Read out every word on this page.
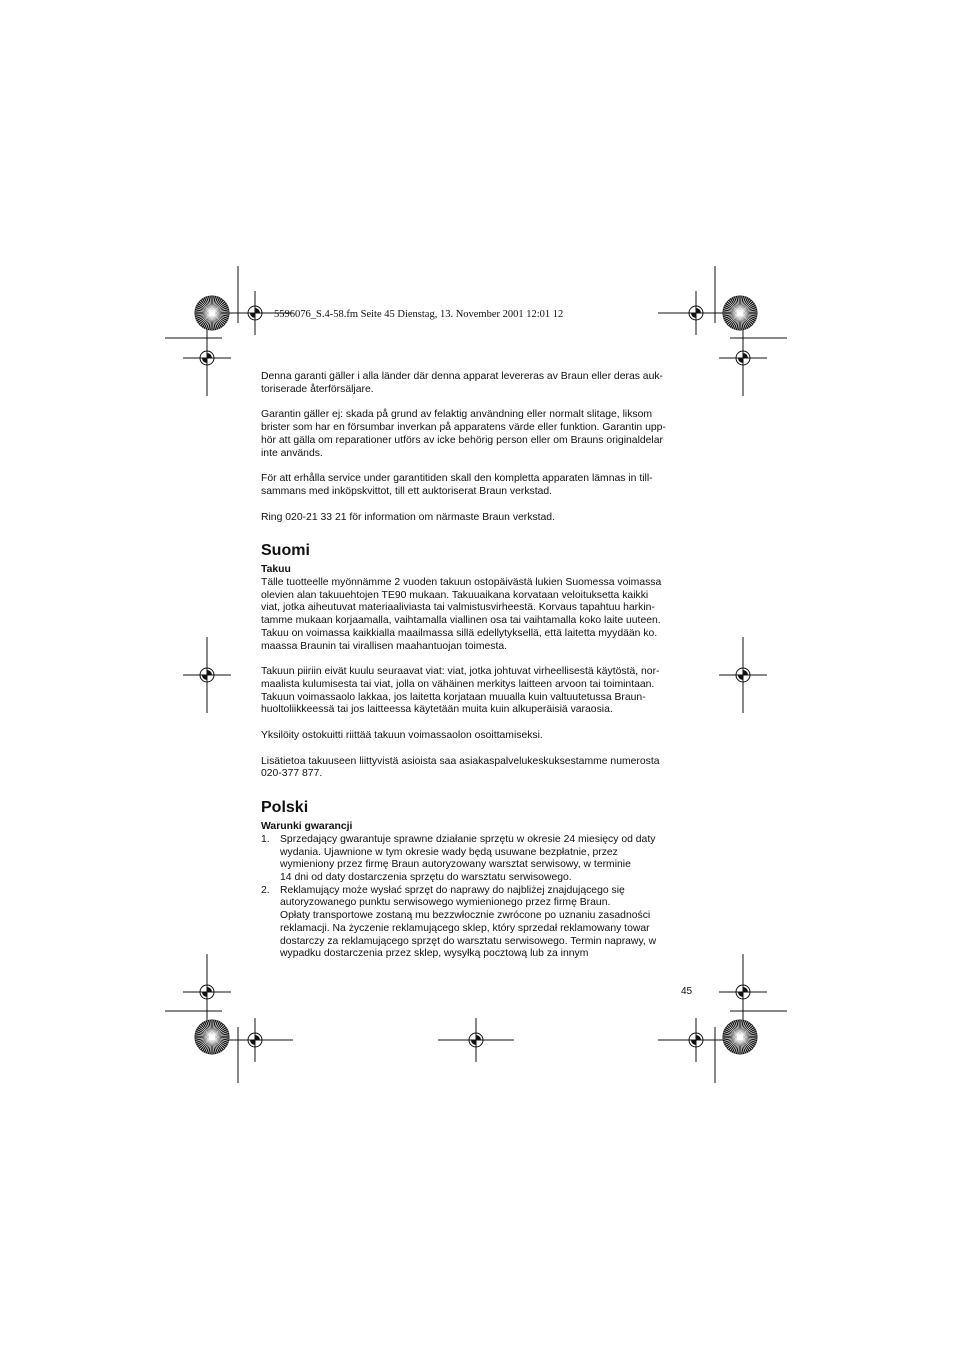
5596076_S.4-58.fm Seite 45 Dienstag, 13. November 2001 12:01 12

Denna garanti gäller i alla länder där denna apparat levereras av Braun eller deras auk-
toriserade återförsäljare.

Garantin gäller ej: skada på grund av felaktig användning eller normalt slitage, liksom
brister som har en försumbar inverkan på apparatens värde eller funktion. Garantin upp-
hör att gälla om reparationer utförs av icke behörig person eller om Brauns originaldelar
inte används.

För att erhålla service under garantitiden skall den kompletta apparaten lämnas in till-
sammans med inköpskvittot, till ett auktoriserat Braun verkstad.

Ring 020-21 33 21 för information om närmaste Braun verkstad.

Suomi

Takuu

Tälle tuotteelle myönnämme 2 vuoden takuun ostopäivästä lukien Suomessa voimassa
olevien alan takuuehtojen TE90 mukaan. Takuuaikana korvataan veloituksetta kaikki
viat, jotka aiheutuvat materiaaliviasta tai valmistusvirheestä. Korvaus tapahtuu harkin-
tamme mukaan korjaamalla, vaihtamalla viallinen osa tai vaihtamalla koko laite uuteen.
Takuu on voimassa kaikkialla maailmassa sillä edellytyksellä, että laitetta myydään ko.
maassa Braunin tai virallisen maahantuojan toimesta.

Takuun piiriin eivät kuulu seuraavat viat: viat, jotka johtuvat virheellisestä käytöstä, nor-
maalista kulumisesta tai viat, jolla on vähäinen merkitys laitteen arvoon tai toimintaan.
Takuun voimassaolo lakkaa, jos laitetta korjataan muualla kuin valtuutetussa Braun-
huoltoliikkeessä tai jos laitteessa käytetään muita kuin alkuperäisiä varaosia.

Yksilöity ostokuitti riittää takuun voimassaolon osoittamiseksi.

Lisätietoa takuuseen liittyvistä asioista saa asiakaspalvelukeskuksestamme numerosta
020-377 877.

Polski

Warunki gwarancji

1. Sprzedający gwarantuje sprawne działanie sprzętu w okresie 24 miesięcy od daty
wydania. Ujawnione w tym okresie wady będą usuwane bezpłatnie, przez
wymieniony przez firmę Braun autoryzowany warsztat serwisowy, w terminie
14 dni od daty dostarczenia sprzętu do warsztatu serwisowego.
2. Reklamujący może wysłać sprzęt do naprawy do najbliżej znajdującego się
autoryzowanego punktu serwisowego wymienionego przez firmę Braun.
Opłaty transportowe zostaną mu bezzwłocznie zwrócone po uznaniu zasadności
reklamacji. Na życzenie reklamującego sklep, który sprzedał reklamowany towar
dostarczy za reklamującego sprzęt do warsztatu serwisowego. Termin naprawy, w
wypadku dostarczenia przez sklep, wysyłką pocztową lub za innym
45
